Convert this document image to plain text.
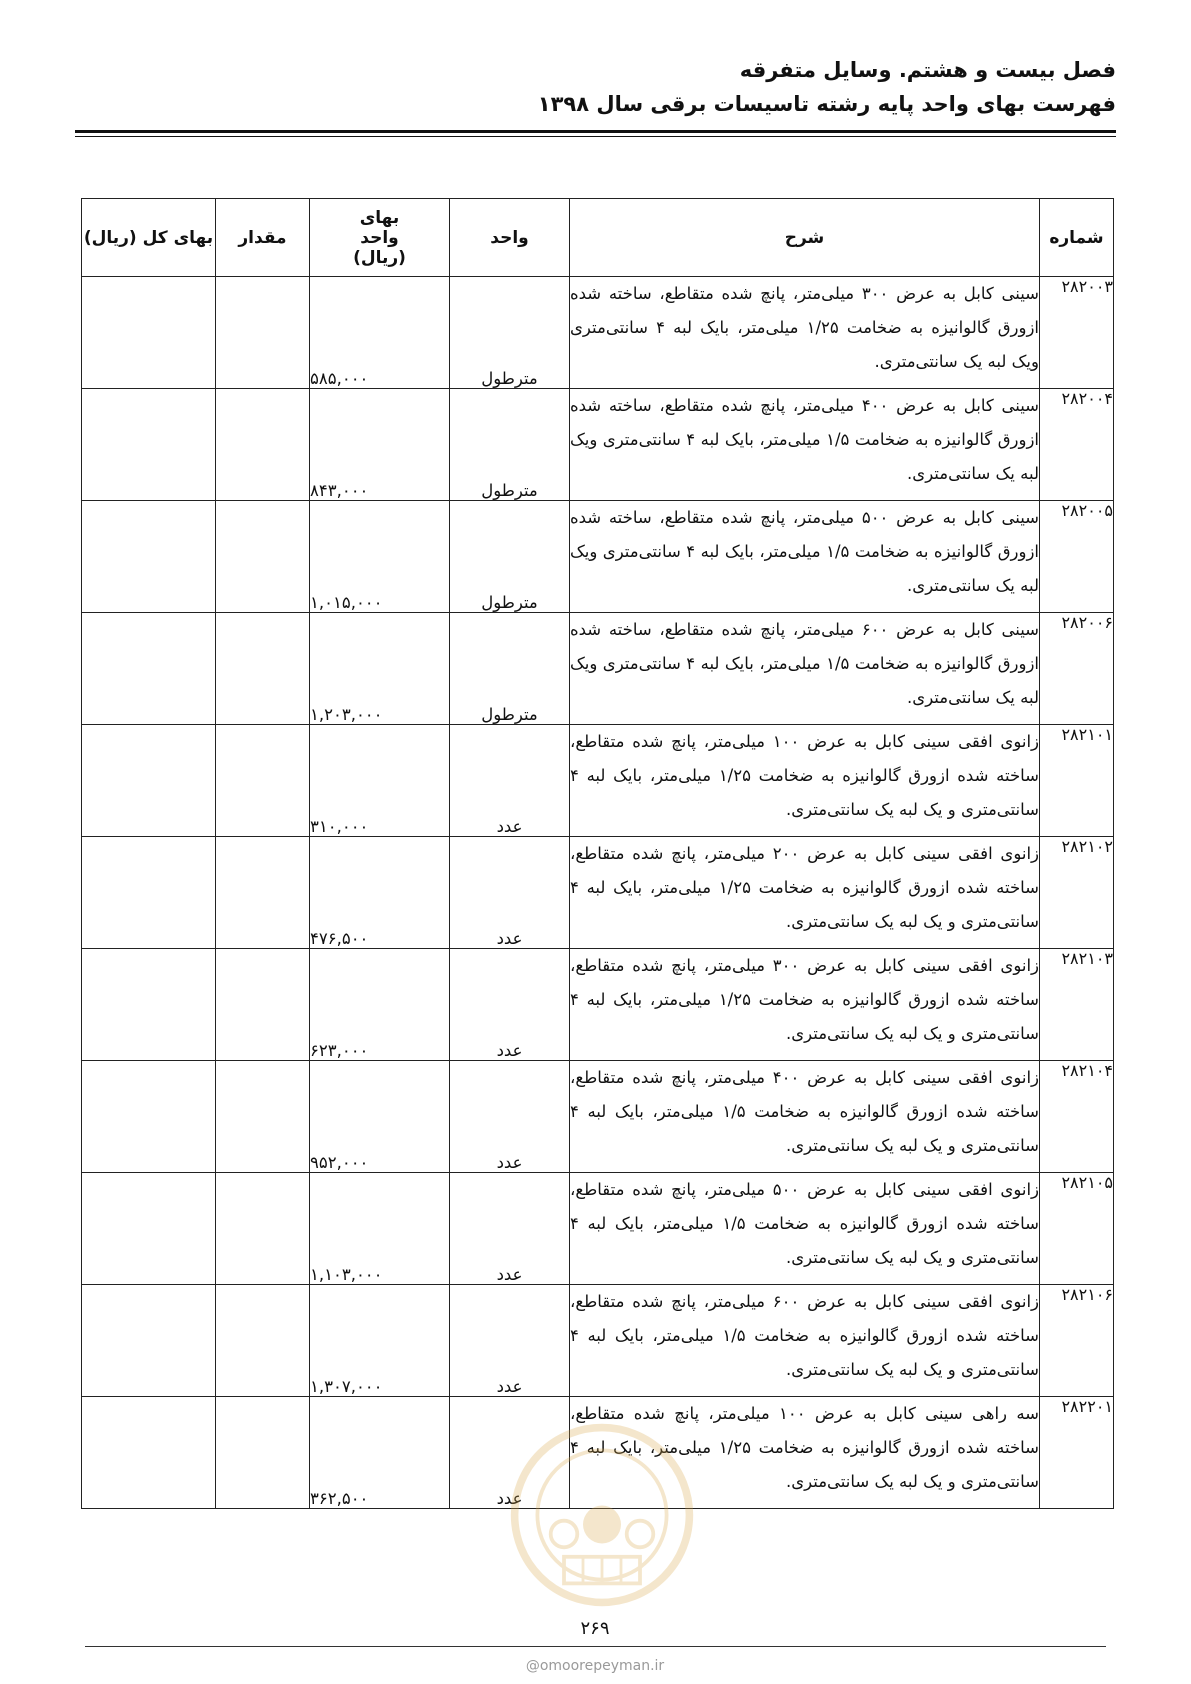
فصل بیست و هشتم. وسایل متفرقه
فهرست بهای واحد پایه رشته تاسیسات برقی سال ۱۳۹۸
شماره	شرح	واحد	بهای واحد (ریال)	مقدار	بهای کل (ریال)
۲۸۲۰۰۳	سینی کابل به عرض ۳۰۰ میلی‌متر، پانچ شده متقاطع، ساخته شده ازورق گالوانیزه به ضخامت ۱/۲۵ میلی‌متر، بایک لبه ۴ سانتی‌متری ویک لبه یک سانتی‌متری.	مترطول	۵۸۵,۰۰۰		
۲۸۲۰۰۴	سینی کابل به عرض ۴۰۰ میلی‌متر، پانچ شده متقاطع، ساخته شده ازورق گالوانیزه به ضخامت ۱/۵ میلی‌متر، بایک لبه ۴ سانتی‌متری ویک لبه یک سانتی‌متری.	مترطول	۸۴۳,۰۰۰		
۲۸۲۰۰۵	سینی کابل به عرض ۵۰۰ میلی‌متر، پانچ شده متقاطع، ساخته شده ازورق گالوانیزه به ضخامت ۱/۵ میلی‌متر، بایک لبه ۴ سانتی‌متری ویک لبه یک سانتی‌متری.	مترطول	۱,۰۱۵,۰۰۰		
۲۸۲۰۰۶	سینی کابل به عرض ۶۰۰ میلی‌متر، پانچ شده متقاطع، ساخته شده ازورق گالوانیزه به ضخامت ۱/۵ میلی‌متر، بایک لبه ۴ سانتی‌متری ویک لبه یک سانتی‌متری.	مترطول	۱,۲۰۳,۰۰۰		
۲۸۲۱۰۱	زانوی افقی سینی کابل به عرض ۱۰۰ میلی‌متر، پانچ شده متقاطع، ساخته شده ازورق گالوانیزه به ضخامت ۱/۲۵ میلی‌متر، بایک لبه ۴ سانتی‌متری و یک لبه یک سانتی‌متری.	عدد	۳۱۰,۰۰۰		
۲۸۲۱۰۲	زانوی افقی سینی کابل به عرض ۲۰۰ میلی‌متر، پانچ شده متقاطع، ساخته شده ازورق گالوانیزه به ضخامت ۱/۲۵ میلی‌متر، بایک لبه ۴ سانتی‌متری و یک لبه یک سانتی‌متری.	عدد	۴۷۶,۵۰۰		
۲۸۲۱۰۳	زانوی افقی سینی کابل به عرض ۳۰۰ میلی‌متر، پانچ شده متقاطع، ساخته شده ازورق گالوانیزه به ضخامت ۱/۲۵ میلی‌متر، بایک لبه ۴ سانتی‌متری و یک لبه یک سانتی‌متری.	عدد	۶۲۳,۰۰۰		
۲۸۲۱۰۴	زانوی افقی سینی کابل به عرض ۴۰۰ میلی‌متر، پانچ شده متقاطع، ساخته شده ازورق گالوانیزه به ضخامت ۱/۵ میلی‌متر، بایک لبه ۴ سانتی‌متری و یک لبه یک سانتی‌متری.	عدد	۹۵۲,۰۰۰		
۲۸۲۱۰۵	زانوی افقی سینی کابل به عرض ۵۰۰ میلی‌متر، پانچ شده متقاطع، ساخته شده ازورق گالوانیزه به ضخامت ۱/۵ میلی‌متر، بایک لبه ۴ سانتی‌متری و یک لبه یک سانتی‌متری.	عدد	۱,۱۰۳,۰۰۰		
۲۸۲۱۰۶	زانوی افقی سینی کابل به عرض ۶۰۰ میلی‌متر، پانچ شده متقاطع، ساخته شده ازورق گالوانیزه به ضخامت ۱/۵ میلی‌متر، بایک لبه ۴ سانتی‌متری و یک لبه یک سانتی‌متری.	عدد	۱,۳۰۷,۰۰۰		
۲۸۲۲۰۱	سه راهی سینی کابل به عرض ۱۰۰ میلی‌متر، پانچ شده متقاطع، ساخته شده ازورق گالوانیزه به ضخامت ۱/۲۵ میلی‌متر، بایک لبه ۴ سانتی‌متری و یک لبه یک سانتی‌متری.	عدد	۳۶۲,۵۰۰		
۲۶۹
@omoorepeyman.ir
